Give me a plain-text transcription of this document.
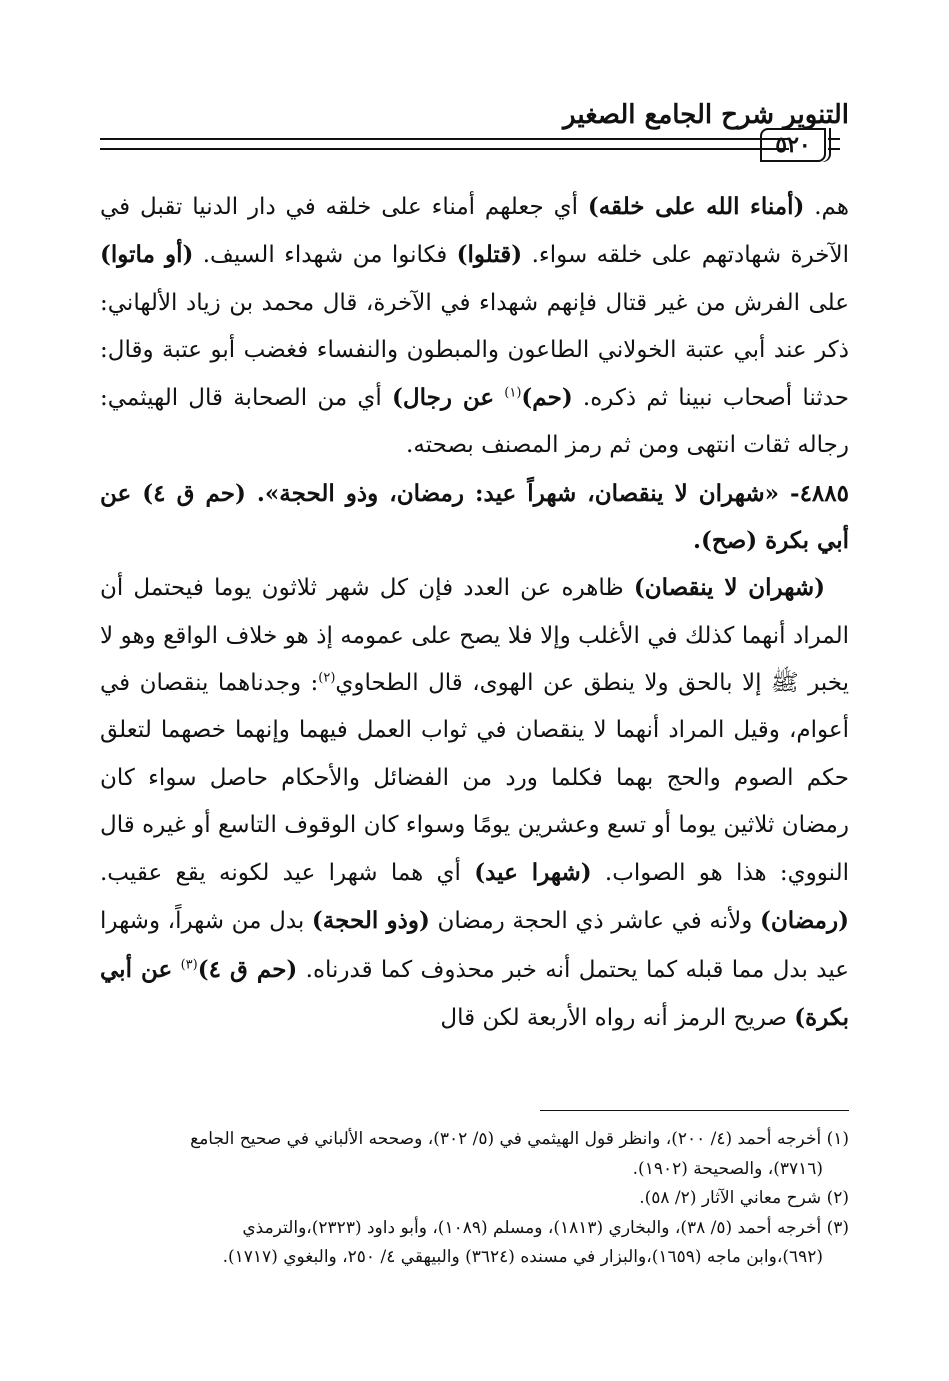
التنوير شرح الجامع الصغير
٥٢٠

هم. (أمناء الله على خلقه) أي جعلهم أمناء على خلقه في دار الدنيا تقبل في الآخرة شهادتهم على خلقه سواء. (قتلوا) فكانوا من شهداء السيف. (أو ماتوا) على الفرش من غير قتال فإنهم شهداء في الآخرة، قال محمد بن زياد الألهاني: ذكر عند أبي عتبة الخولاني الطاعون والمبطون والنفساء فغضب أبو عتبة وقال: حدثنا أصحاب نبينا ثم ذكره. (حم)$^{(١)}$ عن رجال) أي من الصحابة قال الهيثمي: رجاله ثقات انتهى ومن ثم رمز المصنف بصحته.

٤٨٨٥- «شهران لا ينقصان، شهراً عيد: رمضان، وذو الحجة». (حم ق ٤) عن أبي بكرة (صح).

(شهران لا ينقصان) ظاهره عن العدد فإن كل شهر ثلاثون يوما فيحتمل أن المراد أنهما كذلك في الأغلب وإلا فلا يصح على عمومه إذ هو خلاف الواقع وهو لا يخبر ﷺ إلا بالحق ولا ينطق عن الهوى، قال الطحاوي$^{(٢)}$: وجدناهما ينقصان في أعوام، وقيل المراد أنهما لا ينقصان في ثواب العمل فيهما وإنهما خصهما لتعلق حكم الصوم والحج بهما فكلما ورد من الفضائل والأحكام حاصل سواء كان رمضان ثلاثين يوما أو تسع وعشرين يومًا وسواء كان الوقوف التاسع أو غيره قال النووي: هذا هو الصواب. (شهرا عيد) أي هما شهرا عيد لكونه يقع عقيب. (رمضان) ولأنه في عاشر ذي الحجة رمضان (وذو الحجة) بدل من شهراً، وشهرا عيد بدل مما قبله كما يحتمل أنه خبر محذوف كما قدرناه. (حم ق ٤)$^{(٣)}$ عن أبي بكرة) صريح الرمز أنه رواه الأربعة لكن قال

(١) أخرجه أحمد (٤/ ٢٠٠)، وانظر قول الهيثمي في (٥/ ٣٠٢)، وصححه الألباني في صحيح الجامع

(٣٧١٦)، والصحيحة (١٩٠٢).

(٢) شرح معاني الآثار (٢/ ٥٨).

(٣) أخرجه أحمد (٥/ ٣٨)، والبخاري (١٨١٣)، ومسلم (١٠٨٩)، وأبو داود (٢٣٢٣)،والترمذي

(٦٩٢)،وابن ماجه (١٦٥٩)،والبزار في مسنده (٣٦٢٤) والبيهقي ٤/ ٢٥٠، والبغوي (١٧١٧).
